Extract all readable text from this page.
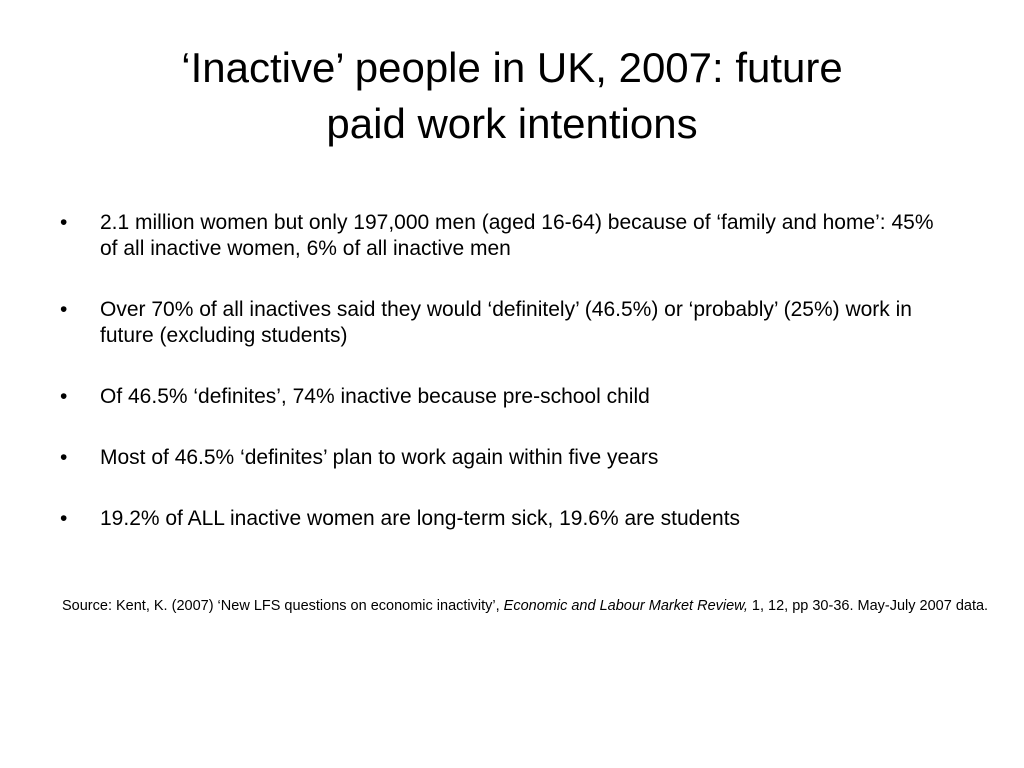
‘Inactive’ people in UK, 2007: future
paid work intentions
•	2.1 million women but only 197,000 men (aged 16-64) because of ‘family and home’: 45% of all inactive women, 6% of all inactive men
•	Over 70% of all inactives said they would ‘definitely’ (46.5%) or ‘probably’ (25%) work in future (excluding students)
•	Of 46.5% ‘definites’, 74% inactive because pre-school child
•	Most of 46.5% ‘definites’ plan to work again within five years
•	19.2% of ALL inactive women are long-term sick, 19.6% are students
Source: Kent, K. (2007) ‘New LFS questions on economic inactivity’, Economic and Labour Market Review, 1, 12, pp 30-36. May-July 2007 data.
